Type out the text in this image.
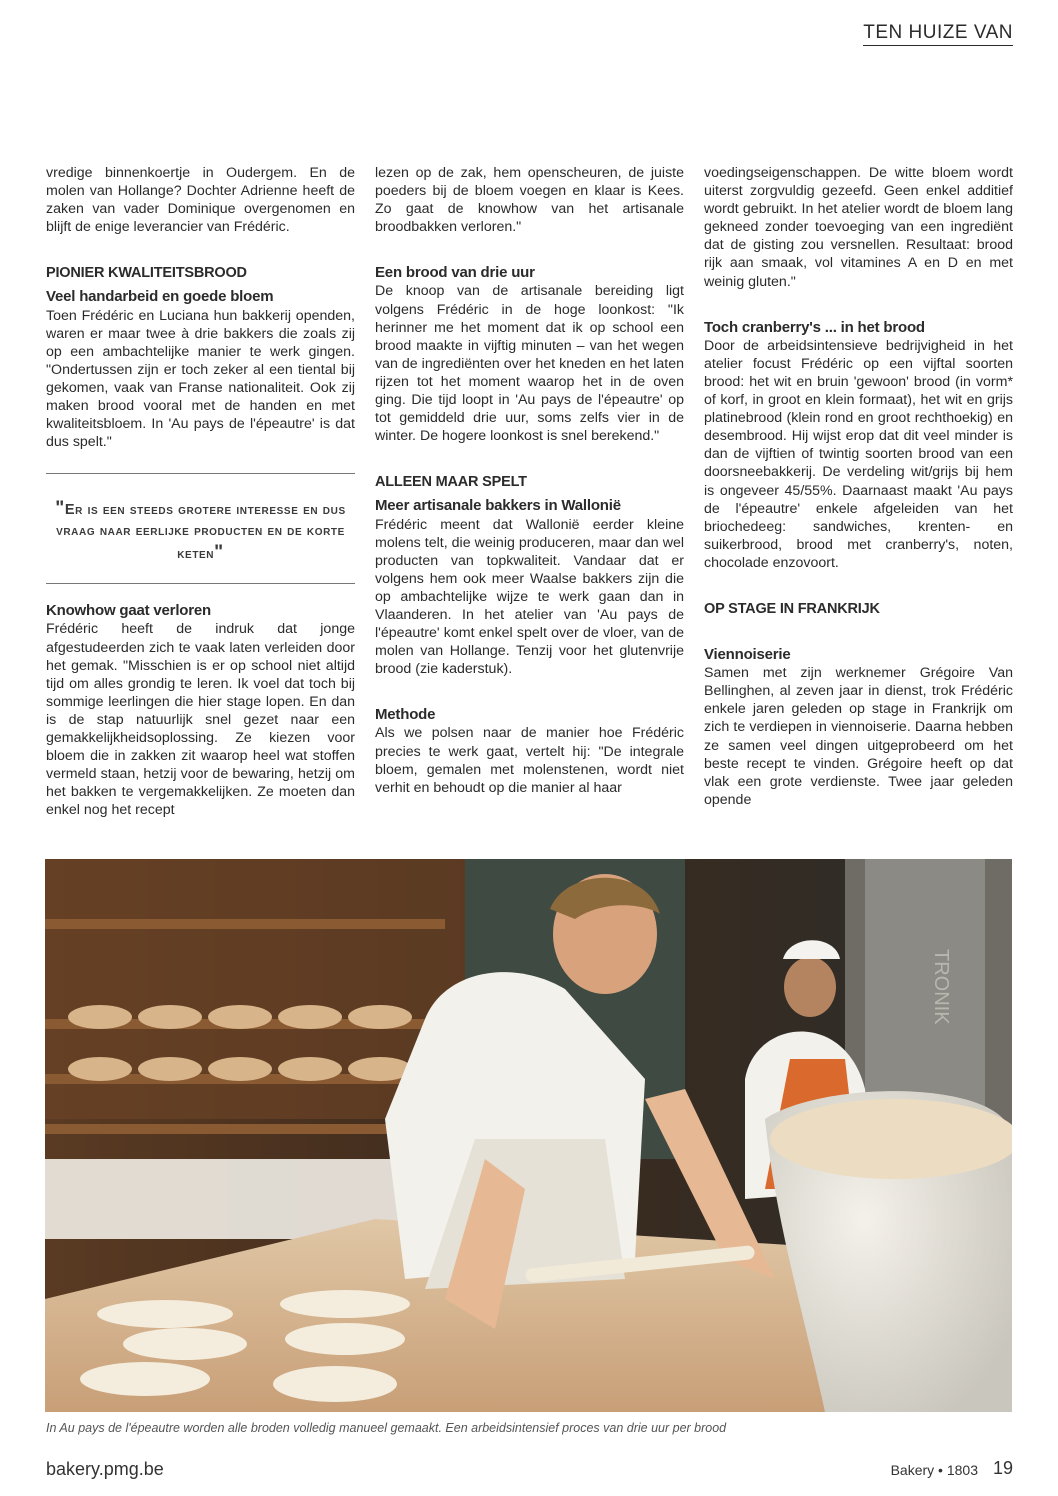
TEN HUIZE VAN

vredige binnenkoertje in Oudergem. En de molen van Hollange? Dochter Adrienne heeft de zaken van vader Dominique overgenomen en blijft de enige leverancier van Frédéric.

PIONIER KWALITEITSBROOD

Veel handarbeid en goede bloem

Toen Frédéric en Luciana hun bakkerij openden, waren er maar twee à drie bakkers die zoals zij op een ambachtelijke manier te werk gingen. "Ondertussen zijn er toch zeker al een tiental bij gekomen, vaak van Franse nationaliteit. Ook zij maken brood vooral met de handen en met kwaliteitsbloem. In 'Au pays de l'épeautre' is dat dus spelt."

"Er is een steeds grotere interesse en dus vraag naar eerlijke producten en de korte keten"

Knowhow gaat verloren

Frédéric heeft de indruk dat jonge afgestudeerden zich te vaak laten verleiden door het gemak. "Misschien is er op school niet altijd tijd om alles grondig te leren. Ik voel dat toch bij sommige leerlingen die hier stage lopen. En dan is de stap natuurlijk snel gezet naar een gemakkelijkheidsoplossing. Ze kiezen voor bloem die in zakken zit waarop heel wat stoffen vermeld staan, hetzij voor de bewaring, hetzij om het bakken te vergemakkelijken. Ze moeten dan enkel nog het recept

lezen op de zak, hem openscheuren, de juiste poeders bij de bloem voegen en klaar is Kees. Zo gaat de knowhow van het artisanale broodbakken verloren."

Een brood van drie uur

De knoop van de artisanale bereiding ligt volgens Frédéric in de hoge loonkost: "Ik herinner me het moment dat ik op school een brood maakte in vijftig minuten – van het wegen van de ingrediënten over het kneden en het laten rijzen tot het moment waarop het in de oven ging. Die tijd loopt in 'Au pays de l'épeautre' op tot gemiddeld drie uur, soms zelfs vier in de winter. De hogere loonkost is snel berekend."

ALLEEN MAAR SPELT

Meer artisanale bakkers in Wallonië

Frédéric meent dat Wallonië eerder kleine molens telt, die weinig produceren, maar dan wel producten van topkwaliteit. Vandaar dat er volgens hem ook meer Waalse bakkers zijn die op ambachtelijke wijze te werk gaan dan in Vlaanderen. In het atelier van 'Au pays de l'épeautre' komt enkel spelt over de vloer, van de molen van Hollange. Tenzij voor het glutenvrije brood (zie kaderstuk).

Methode

Als we polsen naar de manier hoe Frédéric precies te werk gaat, vertelt hij: "De integrale bloem, gemalen met molenstenen, wordt niet verhit en behoudt op die manier al haar

voedingseigenschappen. De witte bloem wordt uiterst zorgvuldig gezeefd. Geen enkel additief wordt gebruikt. In het atelier wordt de bloem lang gekneed zonder toevoeging van een ingrediënt dat de gisting zou versnellen. Resultaat: brood rijk aan smaak, vol vitamines A en D en met weinig gluten."

Toch cranberry's ... in het brood

Door de arbeidsintensieve bedrijvigheid in het atelier focust Frédéric op een vijftal soorten brood: het wit en bruin 'gewoon' brood (in vorm* of korf, in groot en klein formaat), het wit en grijs platinebrood (klein rond en groot rechthoekig) en desembrood. Hij wijst erop dat dit veel minder is dan de vijftien of twintig soorten brood van een doorsneebakkerij. De verdeling wit/grijs bij hem is ongeveer 45/55%. Daarnaast maakt 'Au pays de l'épeautre' enkele afgeleiden van het briochedeeg: sandwiches, krenten- en suikerbrood, brood met cranberry's, noten, chocolade enzovoort.

OP STAGE IN FRANKRIJK

Viennoiserie

Samen met zijn werknemer Grégoire Van Bellinghen, al zeven jaar in dienst, trok Frédéric enkele jaren geleden op stage in Frankrijk om zich te verdiepen in viennoiserie. Daarna hebben ze samen veel dingen uitgeprobeerd om het beste recept te vinden. Grégoire heeft op dat vlak een grote verdienste. Twee jaar geleden opende

TRONIK
In Au pays de l'épeautre worden alle broden volledig manueel gemaakt. Een arbeidsintensief proces van drie uur per brood
bakery.pmg.be	Bakery • 1803 19
